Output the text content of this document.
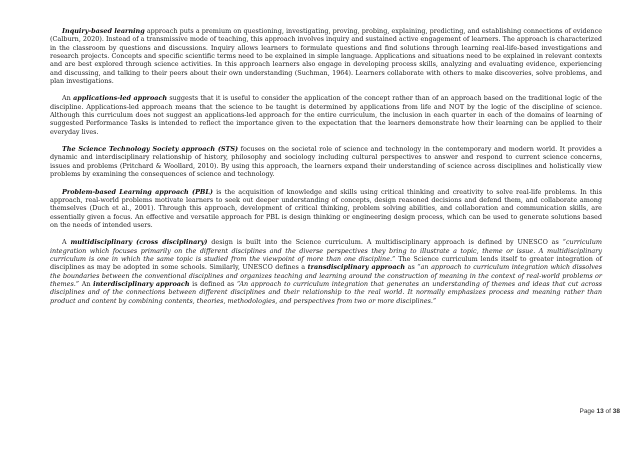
Inquiry-based learning approach puts a premium on questioning, investigating, proving, probing, explaining, predicting, and establishing connections of evidence (Calburn, 2020). Instead of a transmissive mode of teaching, this approach involves inquiry and sustained active engagement of learners. The approach is characterized in the classroom by questions and discussions. Inquiry allows learners to formulate questions and find solutions through learning real-life-based investigations and research projects. Concepts and specific scientific terms need to be explained in simple language. Applications and situations need to be explained in relevant contexts and are best explored through science activities. In this approach learners also engage in developing process skills, analyzing and evaluating evidence, experiencing and discussing, and talking to their peers about their own understanding (Suchman, 1964). Learners collaborate with others to make discoveries, solve problems, and plan investigations.

An applications-led approach suggests that it is useful to consider the application of the concept rather than of an approach based on the traditional logic of the discipline. Applications-led approach means that the science to be taught is determined by applications from life and NOT by the logic of the discipline of science. Although this curriculum does not suggest an applications-led approach for the entire curriculum, the inclusion in each quarter in each of the domains of learning of suggested Performance Tasks is intended to reflect the importance given to the expectation that the learners demonstrate how their learning can be applied to their everyday lives.

The Science Technology Society approach (STS) focuses on the societal role of science and technology in the contemporary and modern world. It provides a dynamic and interdisciplinary relationship of history, philosophy and sociology including cultural perspectives to answer and respond to current science concerns, issues and problems (Pritchard & Woollard, 2010). By using this approach, the learners expand their understanding of science across disciplines and holistically view problems by examining the consequences of science and technology.

Problem-based Learning approach (PBL) is the acquisition of knowledge and skills using critical thinking and creativity to solve real-life problems. In this approach, real-world problems motivate learners to seek out deeper understanding of concepts, design reasoned decisions and defend them, and collaborate among themselves (Duch et al., 2001). Through this approach, development of critical thinking, problem solving abilities, and collaboration and communication skills, are essentially given a focus. An effective and versatile approach for PBL is design thinking or engineering design process, which can be used to generate solutions based on the needs of intended users.

A multidisciplinary (cross disciplinary) design is built into the Science curriculum. A multidisciplinary approach is defined by UNESCO as “curriculum integration which focuses primarily on the different disciplines and the diverse perspectives they bring to illustrate a topic, theme or issue. A multidisciplinary curriculum is one in which the same topic is studied from the viewpoint of more than one discipline.” The Science curriculum lends itself to greater integration of disciplines as may be adopted in some schools. Similarly, UNESCO defines a transdisciplinary approach as “an approach to curriculum integration which dissolves the boundaries between the conventional disciplines and organizes teaching and learning around the construction of meaning in the context of real-world problems or themes.” An interdisciplinary approach is defined as “An approach to curriculum integration that generates an understanding of themes and ideas that cut across disciplines and of the connections between different disciplines and their relationship to the real world. It normally emphasizes process and meaning rather than product and content by combining contents, theories, methodologies, and perspectives from two or more disciplines.”

Page 13 of 38
